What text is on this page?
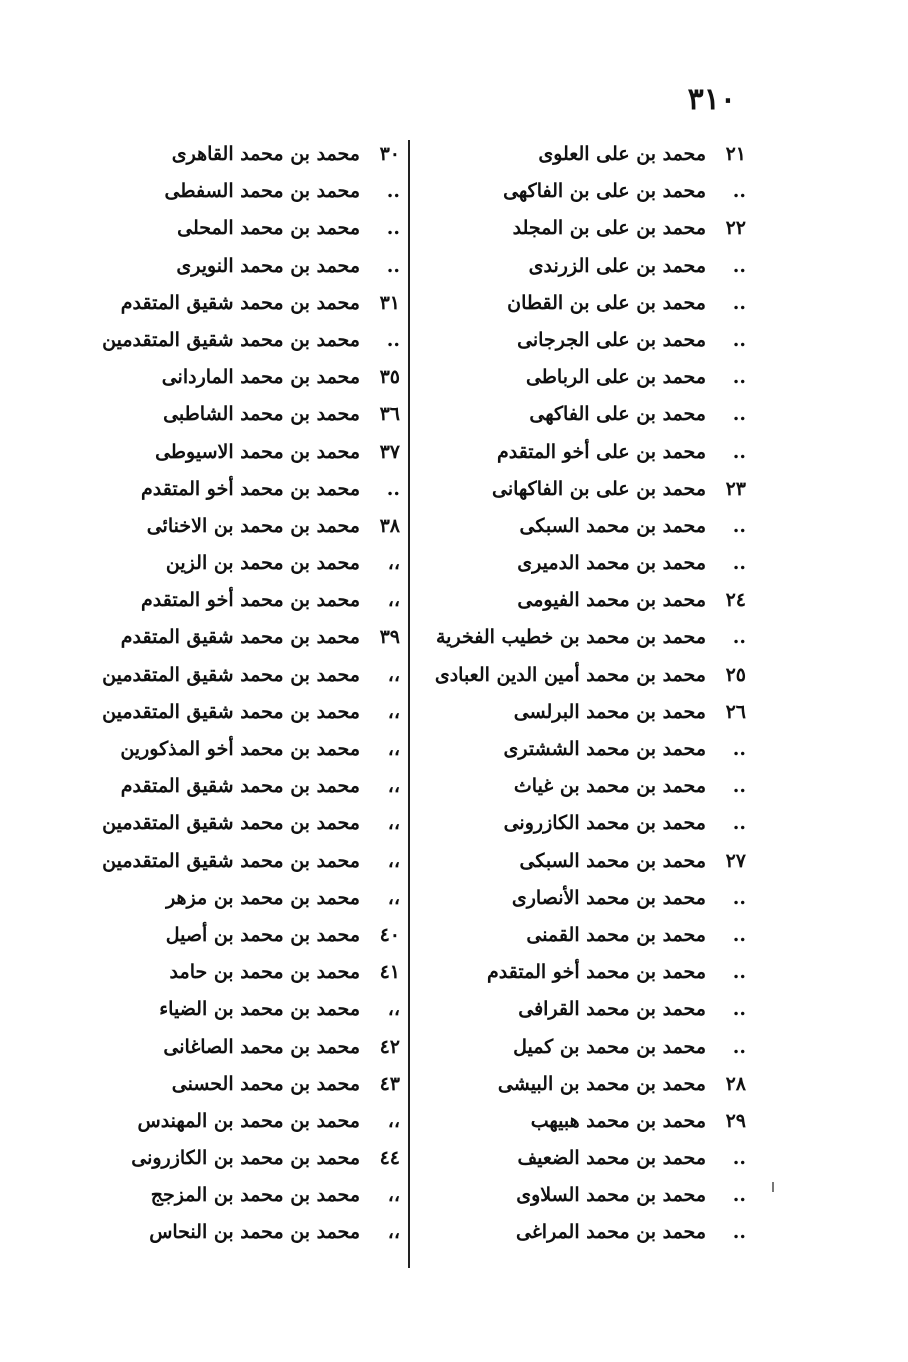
٣١٠
٢١
محمد بن على العلوى
..
محمد بن على بن الفاكهى
٢٢
محمد بن على بن المجلد
..
محمد بن على الزرندى
..
محمد بن على بن القطان
..
محمد بن على الجرجانى
..
محمد بن على الرباطى
..
محمد بن على الفاكهى
..
محمد بن على أخو المتقدم
٢٣
محمد بن على بن الفاكهانى
..
محمد بن محمد السبكى
..
محمد بن محمد الدميرى
٢٤
محمد بن محمد الفيومى
..
محمد بن محمد بن خطيب الفخرية
٢٥
محمد بن محمد أمين الدين العبادى
٢٦
محمد بن محمد البرلسى
..
محمد بن محمد الششترى
..
محمد بن محمد بن غياث
..
محمد بن محمد الكازرونى
٢٧
محمد بن محمد السبكى
..
محمد بن محمد الأنصارى
..
محمد بن محمد القمنى
..
محمد بن محمد أخو المتقدم
..
محمد بن محمد القرافى
..
محمد بن محمد بن كميل
٢٨
محمد بن محمد بن البيشى
٢٩
محمد بن محمد هبيهب
..
محمد بن محمد الضعيف
..
محمد بن محمد السلاوى
..
محمد بن محمد المراغى
٣٠
محمد بن محمد القاهرى
..
محمد بن محمد السفطى
..
محمد بن محمد المحلى
..
محمد بن محمد النويرى
٣١
محمد بن محمد شقيق المتقدم
..
محمد بن محمد شقيق المتقدمين
٣٥
محمد بن محمد الماردانى
٣٦
محمد بن محمد الشاطبى
٣٧
محمد بن محمد الاسيوطى
..
محمد بن محمد أخو المتقدم
٣٨
محمد بن محمد بن الاخنائى
،،
محمد بن محمد بن الزين
،،
محمد بن محمد أخو المتقدم
٣٩
محمد بن محمد شقيق المتقدم
،،
محمد بن محمد شقيق المتقدمين
،،
محمد بن محمد شقيق المتقدمين
،،
محمد بن محمد أخو المذكورين
،،
محمد بن محمد شقيق المتقدم
،،
محمد بن محمد شقيق المتقدمين
،،
محمد بن محمد شقيق المتقدمين
،،
محمد بن محمد بن مزهر
٤٠
محمد بن محمد بن أصيل
٤١
محمد بن محمد بن حامد
،،
محمد بن محمد بن الضياء
٤٢
محمد بن محمد الصاغانى
٤٣
محمد بن محمد الحسنى
،،
محمد بن محمد بن المهندس
٤٤
محمد بن محمد بن الكازرونى
،،
محمد بن محمد بن المزجج
،،
محمد بن محمد بن النحاس
